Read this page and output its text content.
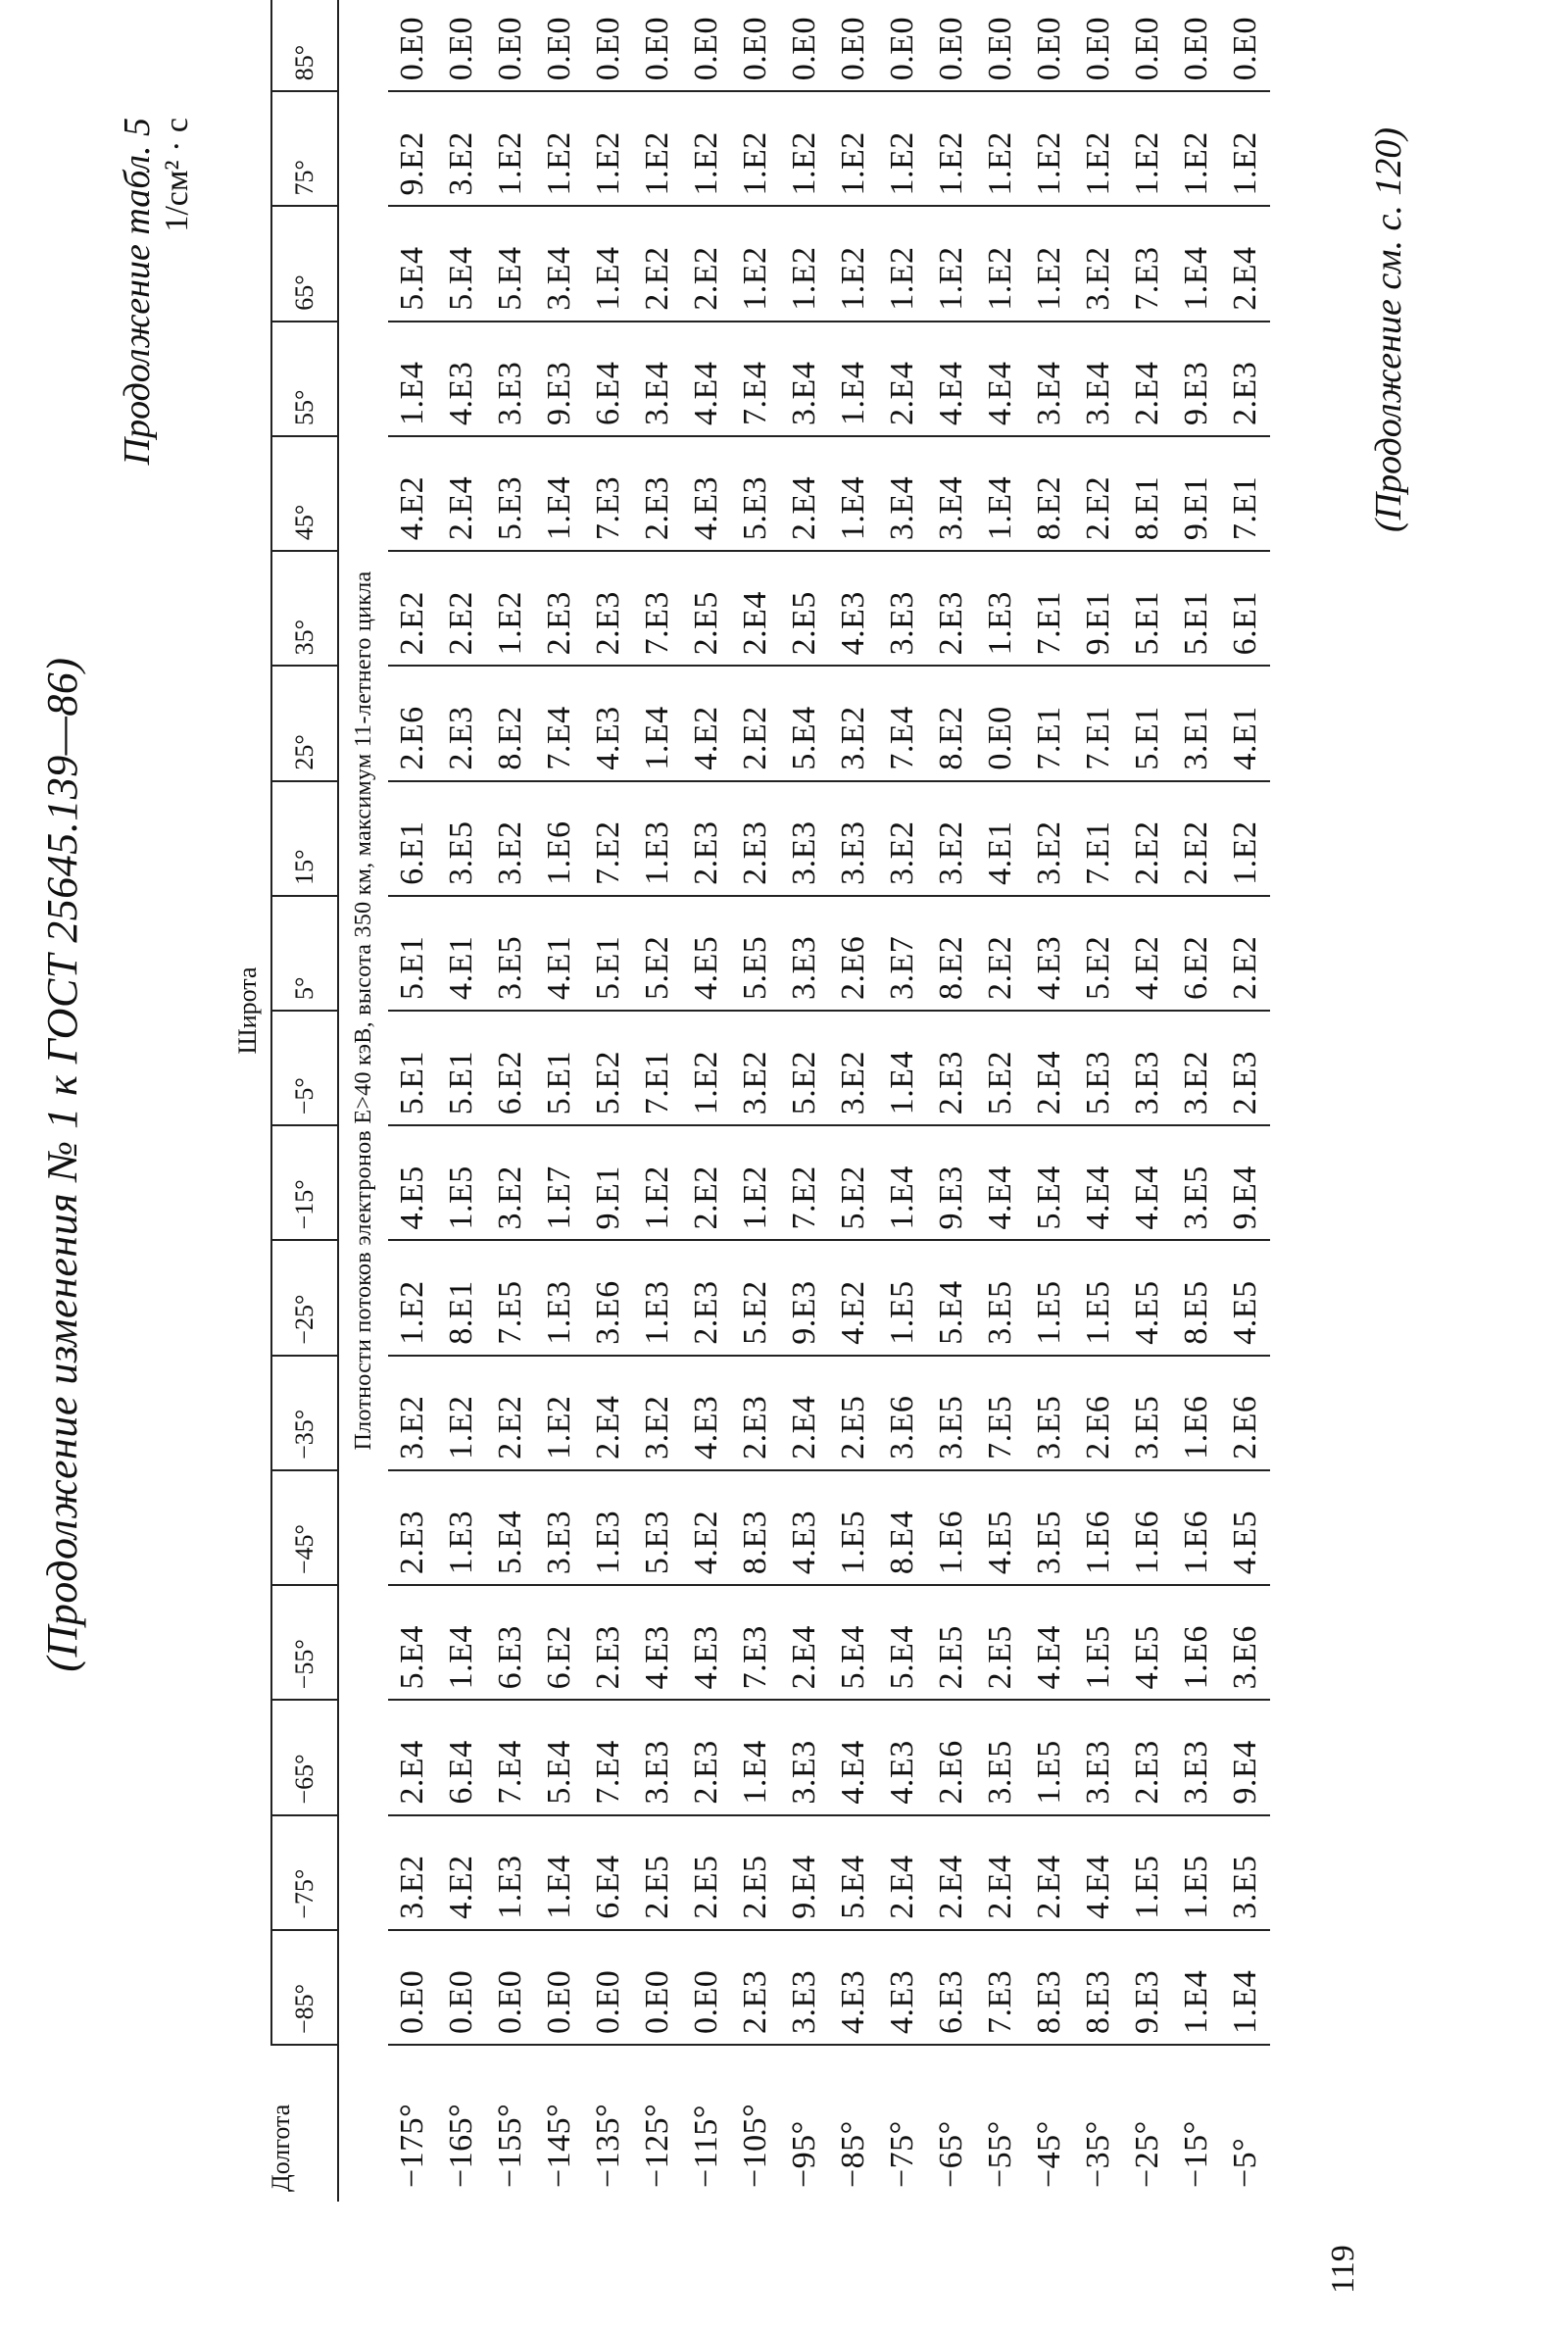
(Продолжение изменения № 1 к ГОСТ 25645.139—86)
Продолжение табл. 5 1/см² · с
Долгота	Широта																	
	−85°	−75°	−65°	−55°	−45°	−35°	−25°	−15°	−5°	5°	15°	25°	35°	45°	55°	65°	75°	85°
	Плотности потоков электронов E>40 кэВ, высота 350 км, максимум 11-летнего цикла																	
−175°	0.E0	3.E2	2.E4	5.E4	2.E3	3.E2	1.E2	4.E5	5.E1	5.E1	6.E1	2.E6	2.E2	4.E2	1.E4	5.E4	9.E2	0.E0
−165°	0.E0	4.E2	6.E4	1.E4	1.E3	1.E2	8.E1	1.E5	5.E1	4.E1	3.E5	2.E3	2.E2	2.E4	4.E3	5.E4	3.E2	0.E0
−155°	0.E0	1.E3	7.E4	6.E3	5.E4	2.E2	7.E5	3.E2	6.E2	3.E5	3.E2	8.E2	1.E2	5.E3	3.E3	5.E4	1.E2	0.E0
−145°	0.E0	1.E4	5.E4	6.E2	3.E3	1.E2	1.E3	1.E7	5.E1	4.E1	1.E6	7.E4	2.E3	1.E4	9.E3	3.E4	1.E2	0.E0
−135°	0.E0	6.E4	7.E4	2.E3	1.E3	2.E4	3.E6	9.E1	5.E2	5.E1	7.E2	4.E3	2.E3	7.E3	6.E4	1.E4	1.E2	0.E0
−125°	0.E0	2.E5	3.E3	4.E3	5.E3	3.E2	1.E3	1.E2	7.E1	5.E2	1.E3	1.E4	7.E3	2.E3	3.E4	2.E2	1.E2	0.E0
−115°	0.E0	2.E5	2.E3	4.E3	4.E2	4.E3	2.E3	2.E2	1.E2	4.E5	2.E3	4.E2	2.E5	4.E3	4.E4	2.E2	1.E2	0.E0
−105°	2.E3	2.E5	1.E4	7.E3	8.E3	2.E3	5.E2	1.E2	3.E2	5.E5	2.E3	2.E2	2.E4	5.E3	7.E4	1.E2	1.E2	0.E0
−95°	3.E3	9.E4	3.E3	2.E4	4.E3	2.E4	9.E3	7.E2	5.E2	3.E3	3.E3	5.E4	2.E5	2.E4	3.E4	1.E2	1.E2	0.E0
−85°	4.E3	5.E4	4.E4	5.E4	1.E5	2.E5	4.E2	5.E2	3.E2	2.E6	3.E3	3.E2	4.E3	1.E4	1.E4	1.E2	1.E2	0.E0
−75°	4.E3	2.E4	4.E3	5.E4	8.E4	3.E6	1.E5	1.E4	1.E4	3.E7	3.E2	7.E4	3.E3	3.E4	2.E4	1.E2	1.E2	0.E0
−65°	6.E3	2.E4	2.E6	2.E5	1.E6	3.E5	5.E4	9.E3	2.E3	8.E2	3.E2	8.E2	2.E3	3.E4	4.E4	1.E2	1.E2	0.E0
−55°	7.E3	2.E4	3.E5	2.E5	4.E5	7.E5	3.E5	4.E4	5.E2	2.E2	4.E1	0.E0	1.E3	1.E4	4.E4	1.E2	1.E2	0.E0
−45°	8.E3	2.E4	1.E5	4.E4	3.E5	3.E5	1.E5	5.E4	2.E4	4.E3	3.E2	7.E1	7.E1	8.E2	3.E4	1.E2	1.E2	0.E0
−35°	8.E3	4.E4	3.E3	1.E5	1.E6	2.E6	1.E5	4.E4	5.E3	5.E2	7.E1	7.E1	9.E1	2.E2	3.E4	3.E2	1.E2	0.E0
−25°	9.E3	1.E5	2.E3	4.E5	1.E6	3.E5	4.E5	4.E4	3.E3	4.E2	2.E2	5.E1	5.E1	8.E1	2.E4	7.E3	1.E2	0.E0
−15°	1.E4	1.E5	3.E3	1.E6	1.E6	1.E6	8.E5	3.E5	3.E2	6.E2	2.E2	3.E1	5.E1	9.E1	9.E3	1.E4	1.E2	0.E0
−5°	1.E4	3.E5	9.E4	3.E6	4.E5	2.E6	4.E5	9.E4	2.E3	2.E2	1.E2	4.E1	6.E1	7.E1	2.E3	2.E4	1.E2	0.E0
(Продолжение см. с. 120)
119
